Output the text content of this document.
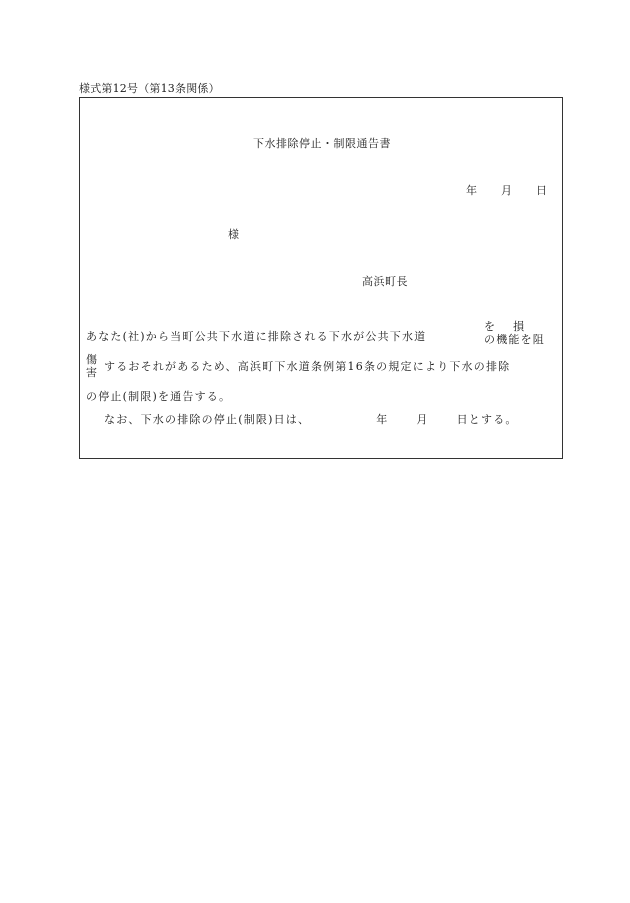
様式第12号（第13条関係）
下水排除停止・制限通告書
年 月 日
様
高浜町長
あなた(社)から当町公共下水道に排除される下水が公共下水道
を　 損
の機能を阻
傷
害 するおそれがあるため、高浜町下水道条例第16条の規定により下水の排除
の停止(制限)を通告する。
なお、下水の排除の停止(制限)日は、	年	月	日とする。
